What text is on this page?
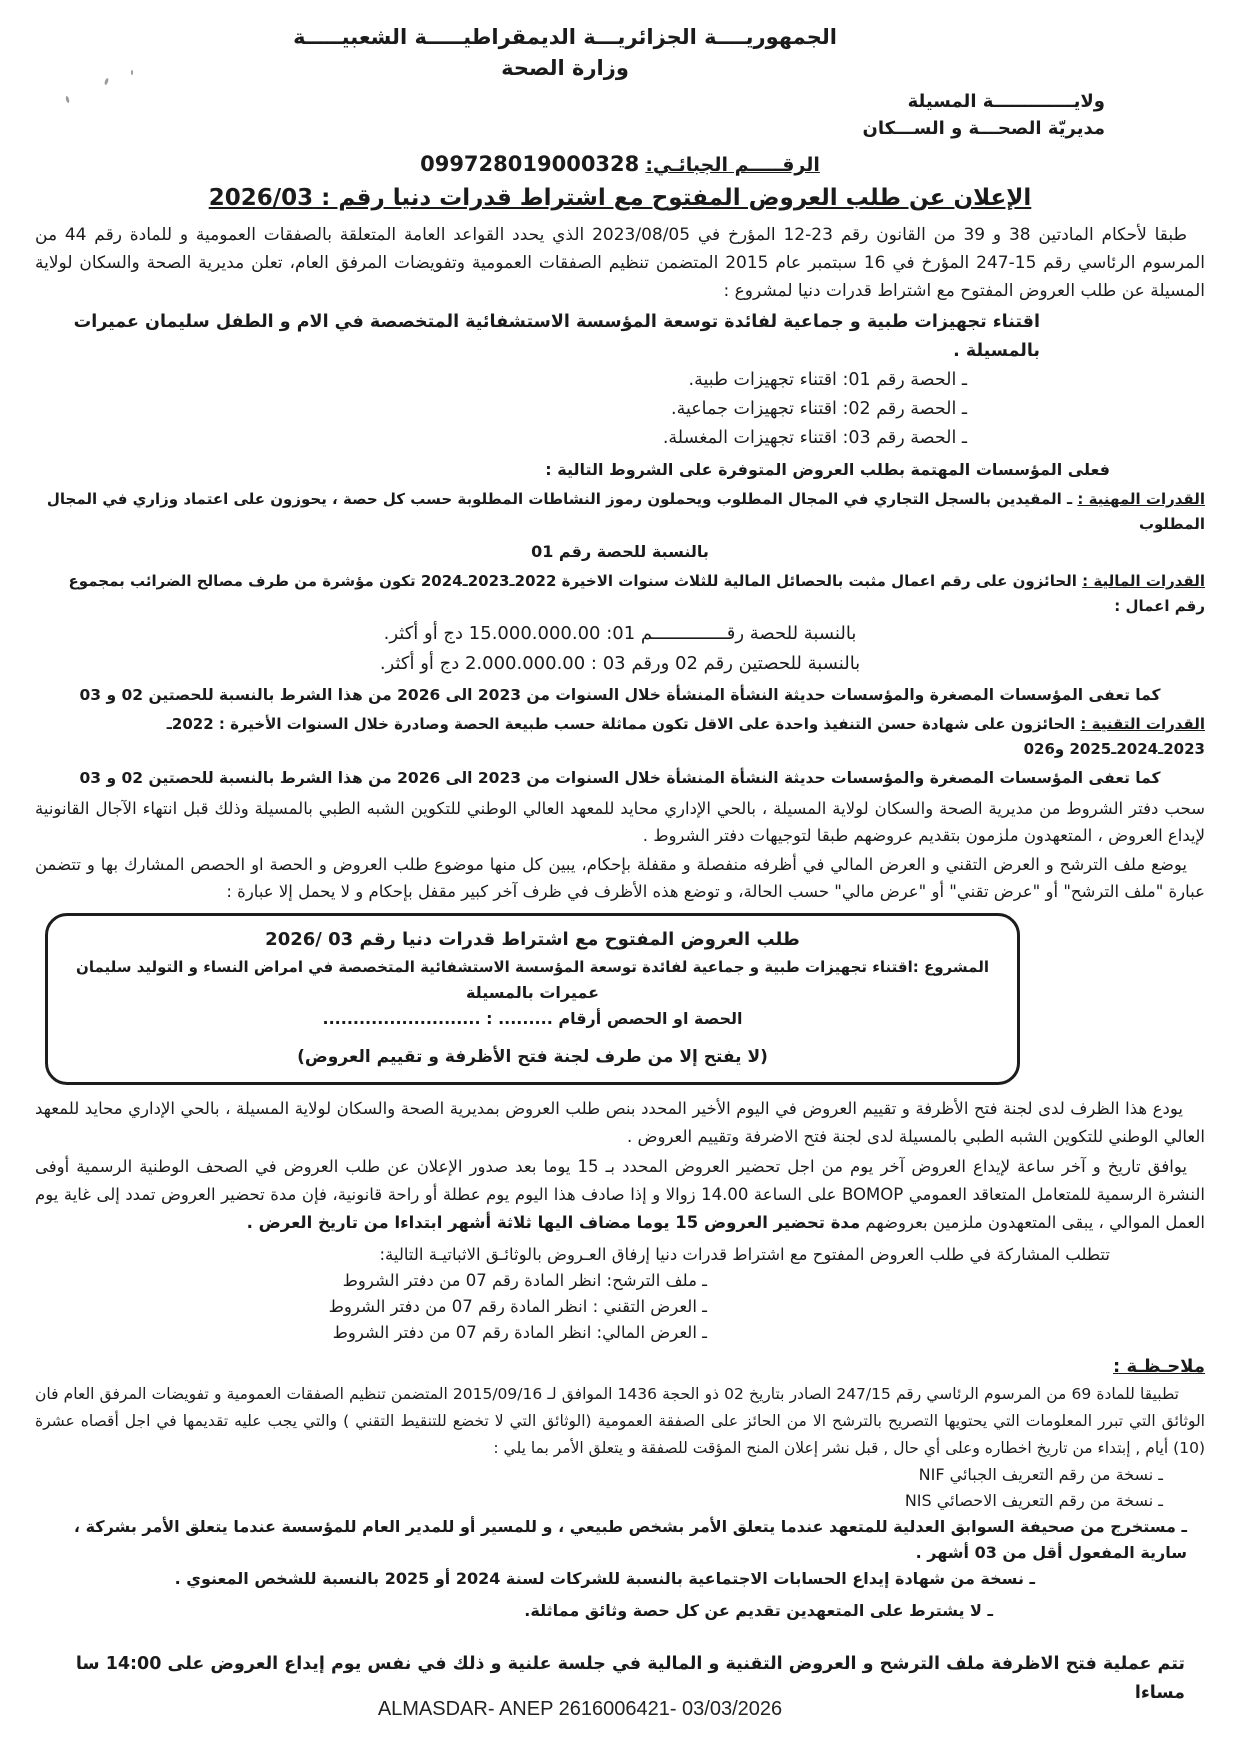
الجمهوريــــة الجزائريـــة الديمقراطيـــــة الشعبيـــــة
وزارة الصحة
ولايـــــــــــــة المسيلة
مديريّة الصحـــة و الســـكان
الرقـــــم الجبائـي: 099728019000328
الإعلان عن طلب العروض المفتوح مع اشتراط قدرات دنيا رقم : 2026/03

طبقا لأحكام المادتين 38 و 39 من القانون رقم 23-12 المؤرخ في 2023/08/05 الذي يحدد القواعد العامة المتعلقة بالصفقات العمومية و للمادة رقم 44 من المرسوم الرئاسي رقم 15-247 المؤرخ في 16 سبتمبر عام 2015 المتضمن تنظيم الصفقات العمومية وتفويضات المرفق العام، تعلن مديرية الصحة والسكان لولاية المسيلة عن طلب العروض المفتوح مع اشتراط قدرات دنيا لمشروع :

اقتناء تجهيزات طبية و جماعية لفائدة توسعة المؤسسة الاستشفائية المتخصصة في الام و الطفل سليمان عميرات بالمسيلة .

ـ الحصة رقم 01: اقتناء تجهيزات طبية.
ـ الحصة رقم 02: اقتناء تجهيزات جماعية.
ـ الحصة رقم 03: اقتناء تجهيزات المغسلة.

فعلى المؤسسات المهتمة بطلب العروض المتوفرة على الشروط التالية :

القدرات المهنية : ـ المقيدين بالسجل التجاري في المجال المطلوب ويحملون رموز النشاطات المطلوبة حسب كل حصة ، يحوزون على اعتماد وزاري في المجال المطلوب

بالنسبة للحصة رقم 01

القدرات المالية : الحائزون على رقم اعمال مثبت بالحصائل المالية للثلاث سنوات الاخيرة 2022ـ2023ـ2024 تكون مؤشرة من طرف مصالح الضرائب بمجموع رقم اعمال :

بالنسبة للحصة رقــــــــــــــم 01: 15.000.000.00 دج أو أكثر.

بالنسبة للحصتين رقم 02 ورقم 03 : 2.000.000.00 دج أو أكثر.

كما تعفى المؤسسات المصغرة والمؤسسات حديثة النشأة المنشأة خلال السنوات من 2023 الى 2026 من هذا الشرط بالنسبة للحصتين 02 و 03

القدرات التقنية : الحائزون على شهادة حسن التنفيذ واحدة على الاقل تكون مماثلة حسب طبيعة الحصة وصادرة خلال السنوات الأخيرة : 2022ـ 2023ـ2024ـ2025 و026

كما تعفى المؤسسات المصغرة والمؤسسات حديثة النشأة المنشأة خلال السنوات من 2023 الى 2026 من هذا الشرط بالنسبة للحصتين 02 و 03

سحب دفتر الشروط من مديرية الصحة والسكان لولاية المسيلة ، بالحي الإداري محايد للمعهد العالي الوطني للتكوين الشبه الطبي بالمسيلة وذلك قبل انتهاء الآجال القانونية لإيداع العروض ، المتعهدون ملزمون بتقديم عروضهم طبقا لتوجيهات دفتر الشروط .

يوضع ملف الترشح و العرض التقني و العرض المالي في أظرفه منفصلة و مقفلة بإحكام، يبين كل منها موضوع طلب العروض و الحصة او الحصص المشارك بها و تتضمن عبارة "ملف الترشح" أو "عرض تقني" أو "عرض مالي" حسب الحالة، و توضع هذه الأظرف في ظرف آخر كبير مقفل بإحكام و لا يحمل إلا عبارة :

طلب العروض المفتوح مع اشتراط قدرات دنيا رقم 03 /2026
المشروع :اقتناء تجهيزات طبية و جماعية لفائدة توسعة المؤسسة الاستشفائية المتخصصة في امراض النساء و التوليد سليمان
عميرات بالمسيلة
الحصة او الحصص أرقام ......... : ..........................
(لا يفتح إلا من طرف لجنة فتح الأظرفة و تقييم العروض)

يودع هذا الظرف لدى لجنة فتح الأظرفة و تقييم العروض في اليوم الأخير المحدد بنص طلب العروض بمديرية الصحة والسكان لولاية المسيلة ، بالحي الإداري محايد للمعهد العالي الوطني للتكوين الشبه الطبي بالمسيلة لدى لجنة فتح الاضرفة وتقييم العروض .

يوافق تاريخ و آخر ساعة لإيداع العروض آخر يوم من اجل تحضير العروض المحدد بـ 15 يوما بعد صدور الإعلان عن طلب العروض في الصحف الوطنية الرسمية أوفى النشرة الرسمية للمتعامل المتعاقد العمومي BOMOP على الساعة 14.00 زوالا و إذا صادف هذا اليوم يوم عطلة أو راحة قانونية، فإن مدة تحضير العروض تمدد إلى غاية يوم العمل الموالي ، يبقى المتعهدون ملزمين بعروضهم مدة تحضير العروض 15 يوما مضاف اليها ثلاثة أشهر ابتداءا من تاريخ العرض .

تتطلب المشاركة في طلب العروض المفتوح مع اشتراط قدرات دنيا إرفاق العـروض بالوثائـق الاثباتيـة التالية:

ـ ملف الترشح: انظر المادة رقم 07 من دفتر الشروط
ـ العرض التقني : انظر المادة رقم 07 من دفتر الشروط
ـ العرض المالي: انظر المادة رقم 07 من دفتر الشروط

ملاحـظـة :

تطبيقا للمادة 69 من المرسوم الرئاسي رقم 247/15 الصادر بتاريخ 02 ذو الحجة 1436 الموافق لـ 2015/09/16 المتضمن تنظيم الصفقات العمومية و تفويضات المرفق العام فان الوثائق التي تبرر المعلومات التي يحتويها التصريح بالترشح الا من الحائز على الصفقة العمومية (الوثائق التي لا تخضع للتنقيط التقني ) والتي يجب عليه تقديمها في اجل أقصاه عشرة (10) أيام , إبتداء من تاريخ اخطاره وعلى أي حال , قبل نشر إعلان المنح المؤقت للصفقة و يتعلق الأمر بما يلي :

ـ نسخة من رقم التعريف الجبائي NIF
ـ نسخة من رقم التعريف الاحصائي NIS
ـ مستخرج من صحيفة السوابق العدلية للمتعهد عندما يتعلق الأمر بشخص طبيعي ، و للمسير أو للمدير العام للمؤسسة عندما يتعلق الأمر بشركة ، سارية المفعول أقل من 03 أشهر .
ـ نسخة من شهادة إيداع الحسابات الاجتماعية بالنسبة للشركات لسنة 2024 أو 2025 بالنسبة للشخص المعنوي .
ـ لا يشترط على المتعهدين تقديم عن كل حصة وثائق مماثلة.

تتم عملية فتح الاظرفة ملف الترشح و العروض التقنية و المالية في جلسة علنية و ذلك في نفس يوم إيداع العروض على 14:00 سا مساءا

ALMASDAR- ANEP 2616006421- 03/03/2026
